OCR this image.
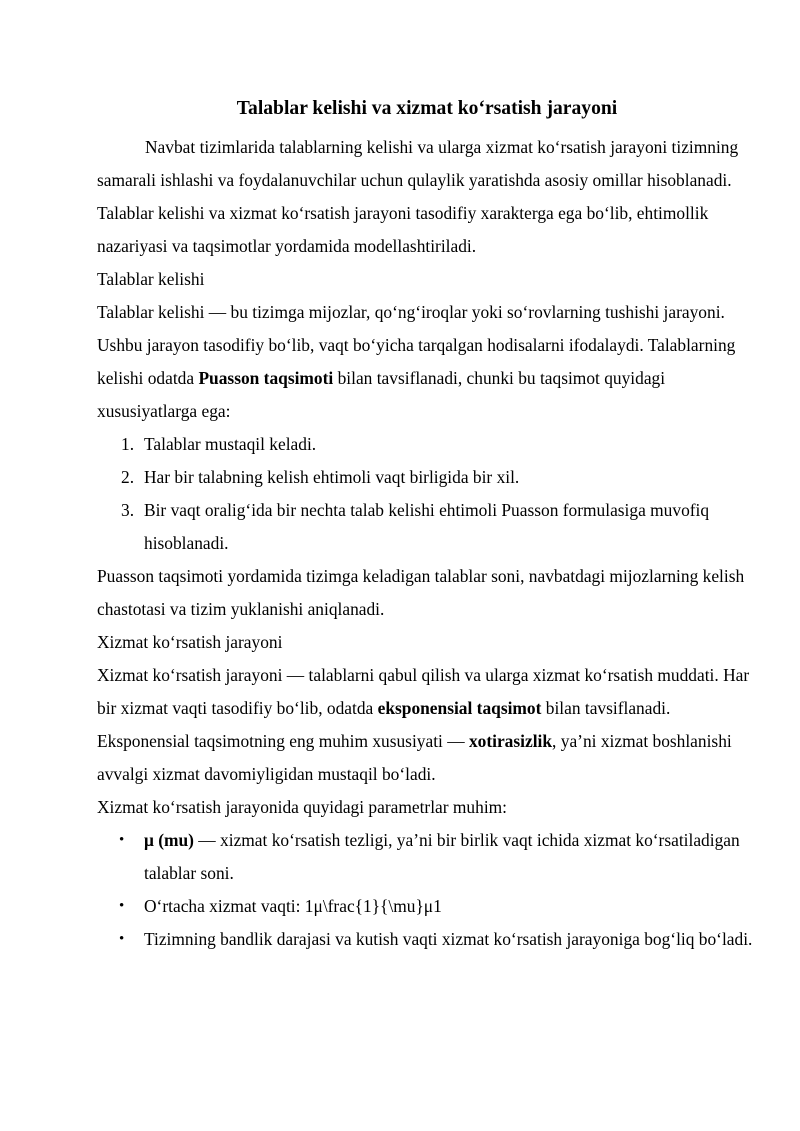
Talablar kelishi va xizmat ko‘rsatish jarayoni

Navbat tizimlarida talablarning kelishi va ularga xizmat ko‘rsatish jarayoni tizimning samarali ishlashi va foydalanuvchilar uchun qulaylik yaratishda asosiy omillar hisoblanadi. Talablar kelishi va xizmat ko‘rsatish jarayoni tasodifiy xarakterga ega bo‘lib, ehtimollik nazariyasi va taqsimotlar yordamida modellashtiriladi.

Talablar kelishi

Talablar kelishi — bu tizimga mijozlar, qo‘ng‘iroqlar yoki so‘rovlarning tushishi jarayoni. Ushbu jarayon tasodifiy bo‘lib, vaqt bo‘yicha tarqalgan hodisalarni ifodalaydi. Talablarning kelishi odatda Puasson taqsimoti bilan tavsiflanadi, chunki bu taqsimot quyidagi xususiyatlarga ega:

1. Talablar mustaqil keladi.
2. Har bir talabning kelish ehtimoli vaqt birligida bir xil.
3. Bir vaqt oralig‘ida bir nechta talab kelishi ehtimoli Puasson formulasiga muvofiq hisoblanadi.

Puasson taqsimoti yordamida tizimga keladigan talablar soni, navbatdagi mijozlarning kelish chastotasi va tizim yuklanishi aniqlanadi.

Xizmat ko‘rsatish jarayoni

Xizmat ko‘rsatish jarayoni — talablarni qabul qilish va ularga xizmat ko‘rsatish muddati. Har bir xizmat vaqti tasodifiy bo‘lib, odatda eksponensial taqsimot bilan tavsiflanadi. Eksponensial taqsimotning eng muhim xususiyati — xotirasizlik, ya’ni xizmat boshlanishi avvalgi xizmat davomiyligidan mustaqil bo‘ladi.

Xizmat ko‘rsatish jarayonida quyidagi parametrlar muhim:

• μ (mu) — xizmat ko‘rsatish tezligi, ya’ni bir birlik vaqt ichida xizmat ko‘rsatiladigan talablar soni.
• O‘rtacha xizmat vaqti: 1μ\frac{1}{\mu}μ1
• Tizimning bandlik darajasi va kutish vaqti xizmat ko‘rsatish jarayoniga bog‘liq bo‘ladi.
